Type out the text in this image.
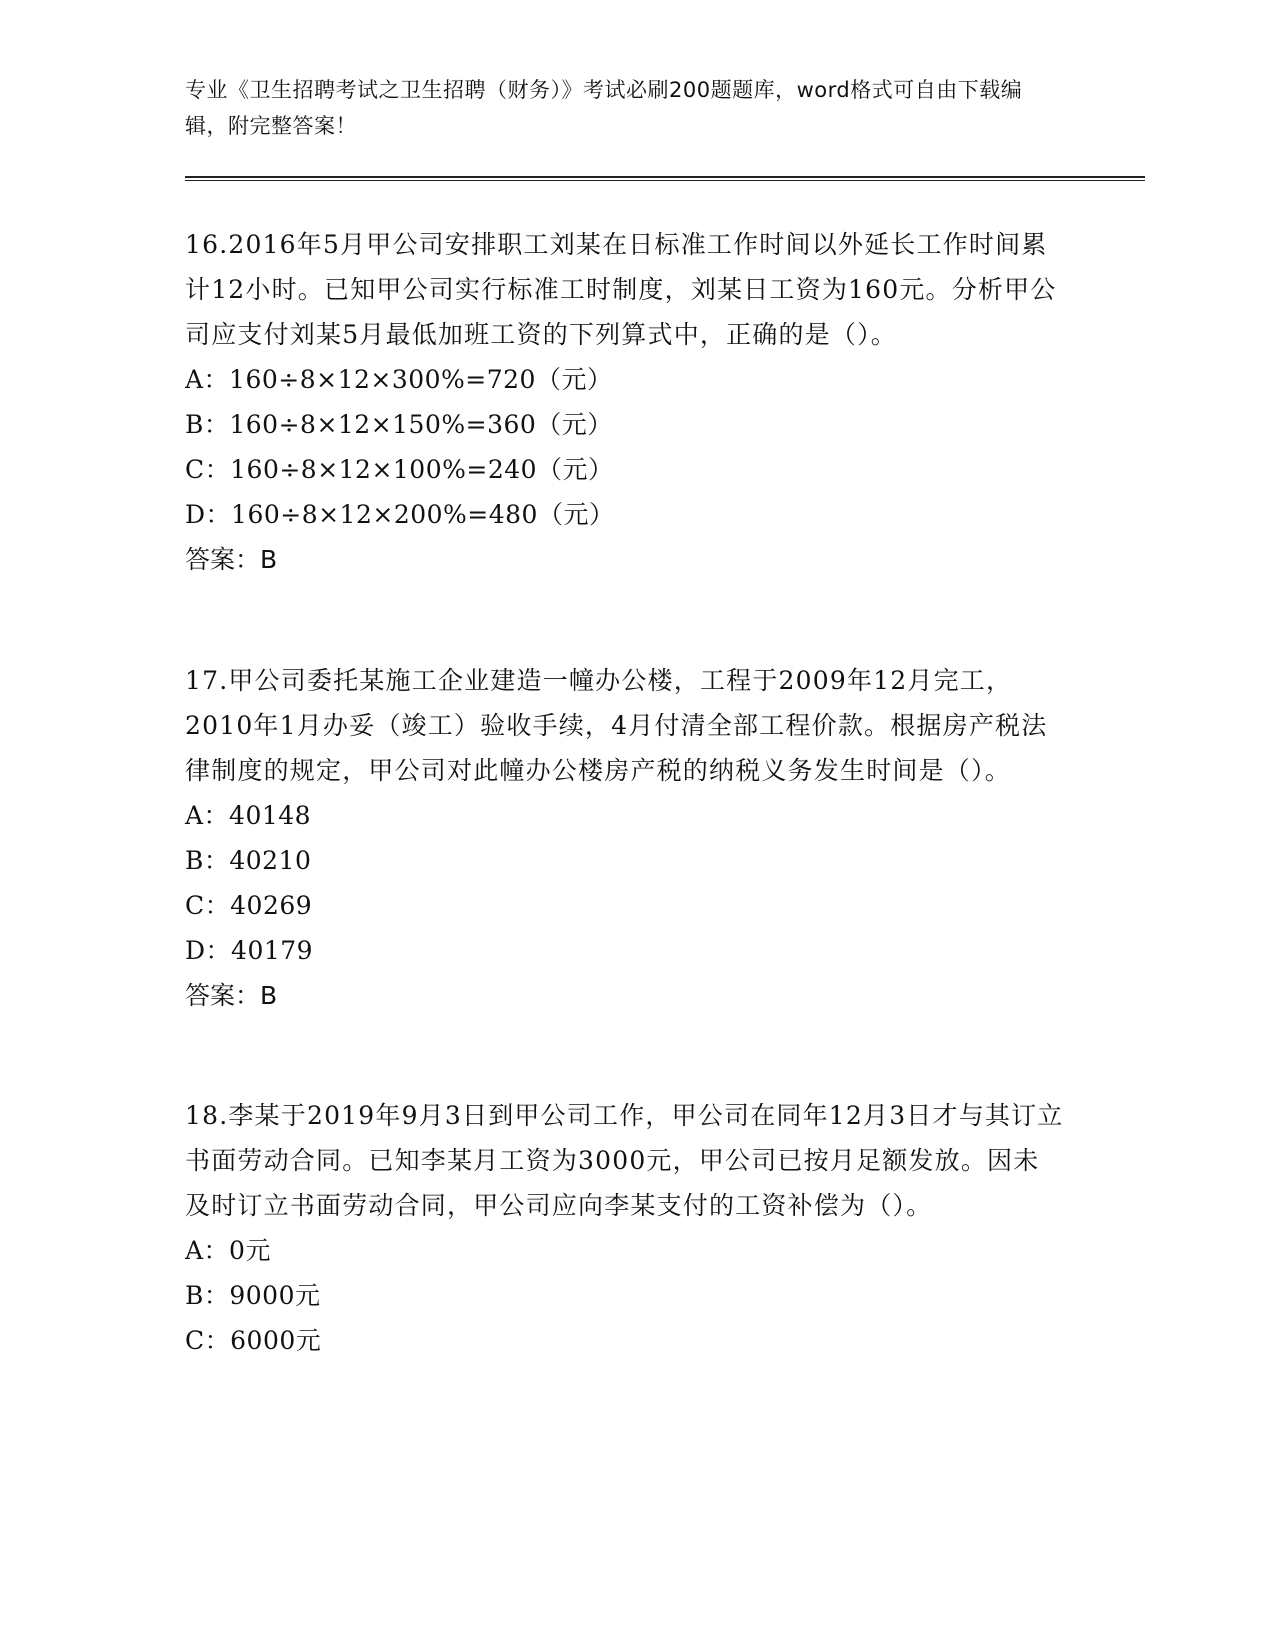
专业《卫生招聘考试之卫生招聘（财务）》考试必刷200题题库，word格式可自由下载编辑，附完整答案！

16.2016年5月甲公司安排职工刘某在日标准工作时间以外延长工作时间累计12小时。已知甲公司实行标准工时制度，刘某日工资为160元。分析甲公司应支付刘某5月最低加班工资的下列算式中，正确的是（）。

A：160÷8×12×300%=720（元）

B：160÷8×12×150%=360（元）

C：160÷8×12×100%=240（元）

D：160÷8×12×200%=480（元）

答案：B

17.甲公司委托某施工企业建造一幢办公楼，工程于2009年12月完工，2010年1月办妥（竣工）验收手续，4月付清全部工程价款。根据房产税法律制度的规定，甲公司对此幢办公楼房产税的纳税义务发生时间是（）。

A：40148

B：40210

C：40269

D：40179

答案：B

18.李某于2019年9月3日到甲公司工作，甲公司在同年12月3日才与其订立书面劳动合同。已知李某月工资为3000元，甲公司已按月足额发放。因未及时订立书面劳动合同，甲公司应向李某支付的工资补偿为（）。

A：0元

B：9000元

C：6000元
